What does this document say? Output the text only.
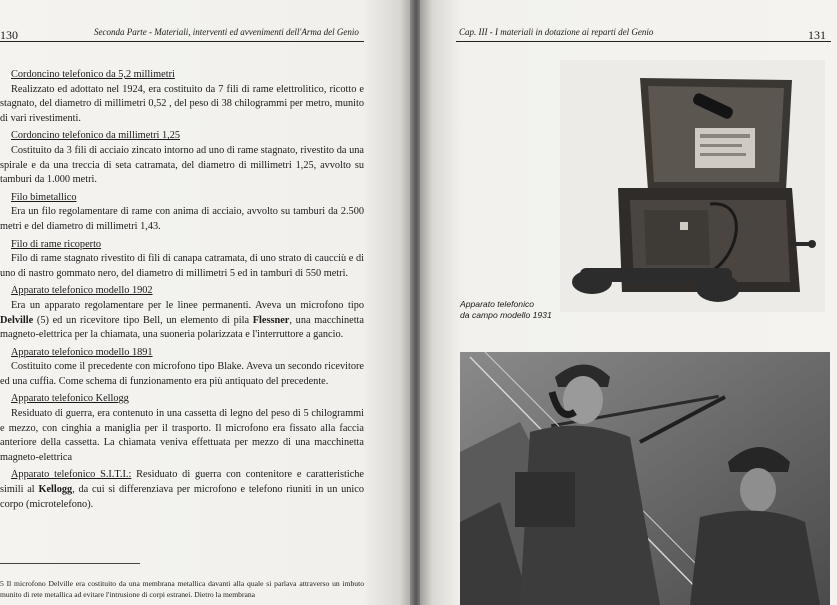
130	Seconda Parte - Materiali, interventi ed avvenimenti dell'Arma del Genio

Cordoncino telefonico da 5,2 millimetri

Realizzato ed adottato nel 1924, era costituito da 7 fili di rame elettrolitico, ricotto e stagnato, del diametro di millimetri 0,52 , del peso di 38 chilogrammi per metro, munito di vari rivestimenti.

Cordoncino telefonico da millimetri 1,25

Costituito da 3 fili di acciaio zincato intorno ad uno di rame stagnato, rivestito da una spirale e da una treccia di seta catramata, del diametro di millimetri 1,25, avvolto su tamburi da 1.000 metri.

Filo bimetallico

Era un filo regolamentare di rame con anima di acciaio, avvolto su tamburi da 2.500 metri e del diametro di millimetri 1,43.

Filo di rame ricoperto

Filo di rame stagnato rivestito di fili di canapa catramata, di uno strato di caucciù e di uno di nastro gommato nero, del diametro di millimetri 5 ed in tamburi di 550 metri.

Apparato telefonico modello 1902

Era un apparato regolamentare per le linee permanenti. Aveva un microfono tipo Delville (5) ed un ricevitore tipo Bell, un elemento di pila Flessner, una macchinetta magneto-elettrica per la chiamata, una suoneria polarizzata e l'interruttore a gancio.

Apparato telefonico modello 1891

Costituito come il precedente con microfono tipo Blake. Aveva un secondo ricevitore ed una cuffia. Come schema di funzionamento era più antiquato del precedente.

Apparato telefonico Kellogg

Residuato di guerra, era contenuto in una cassetta di legno del peso di 5 chilogrammi e mezzo, con cinghia a maniglia per il trasporto. Il microfono era fissato alla faccia anteriore della cassetta. La chiamata veniva effettuata per mezzo di una macchinetta magneto-elettrica

Apparato telefonico S.I.T.I.: Residuato di guerra con contenitore e caratteristiche simili al Kellogg, da cui si differenziava per microfono e telefono riuniti in un unico corpo (microtelefono).

5 Il microfono Delville era costituito da una membrana metallica davanti alla quale si parlava attraverso un imbuto munito di rete metallica ad evitare l'intrusione di corpi estranei. Dietro la membrana
Cap. III - I materiali in dotazione ai reparti del Genio	131
Apparato telefonico
da campo modello 1931
